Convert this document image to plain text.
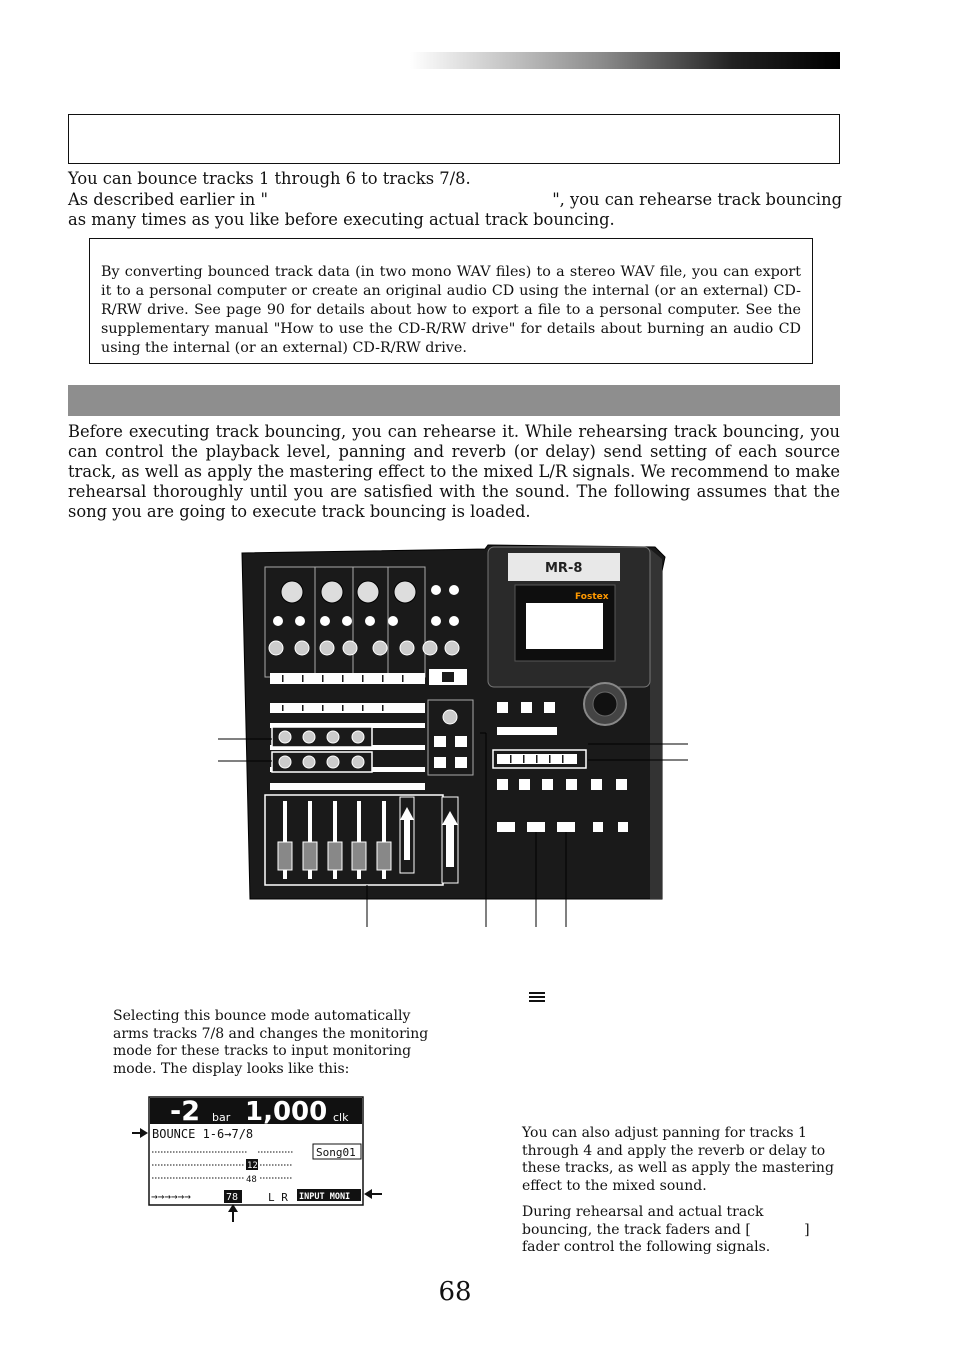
You can bounce tracks 1 through 6 to tracks 7/8.
As described earlier in "	", you can rehearse track bouncing
as many times as you like before executing actual track bouncing.
By converting bounced track data (in two mono WAV files) to a stereo WAV file, you can export it to a personal computer or create an original audio CD using the internal (or an external) CD-R/RW drive. See page 90 for details about how to export a file to a personal computer. See the supplementary manual "How to use the CD-R/RW drive" for details about burning an audio CD using the internal (or an external) CD-R/RW drive.
Before executing track bouncing, you can rehearse it. While rehearsing track bouncing, you can control the playback level, panning and reverb (or delay) send setting of each source track, as well as apply the mastering effect to the mixed L/R signals. We recommend to make rehearsal thoroughly until you are satisfied with the sound. The following assumes that the song you are going to execute track bouncing is loaded.
MR-8
Fostex
Selecting this bounce mode automatically arms tracks 7/8 and changes the monitoring mode for these tracks to input monitoring mode. The display looks like this:
-2 bar 1,000 clk
BOUNCE 1-6→7/8
Song01
12
48
→→→→→→	78	L R INPUT MONI
You can also adjust panning for tracks 1 through 4 and apply the reverb or delay to these tracks, as well as apply the mastering effect to the mixed sound.
During rehearsal and actual track bouncing, the track faders and [            ] fader control the following signals.
68
